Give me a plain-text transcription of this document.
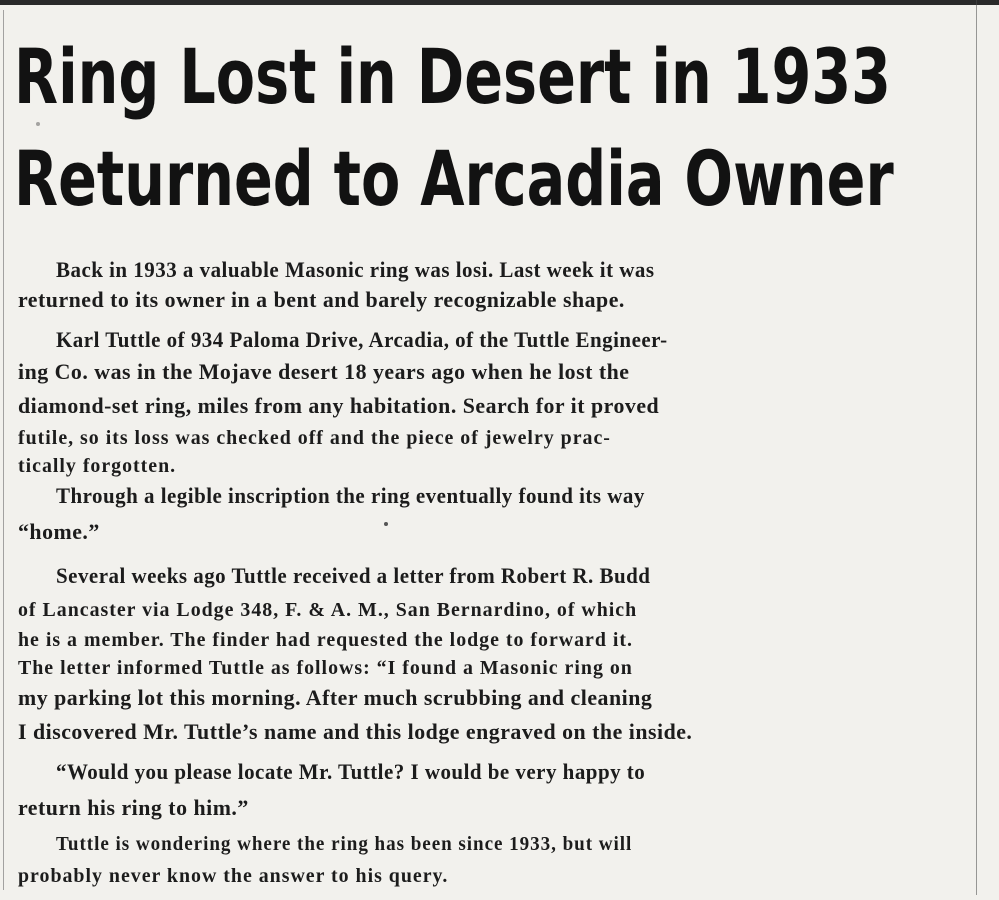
Ring Lost in Desert in 1933
Returned to Arcadia Owner

Back in 1933 a valuable Masonic ring was losi. Last week it was

returned to its owner in a bent and barely recognizable shape.

Karl Tuttle of 934 Paloma Drive, Arcadia, of the Tuttle Engineer-

ing Co. was in the Mojave desert 18 years ago when he lost the

diamond-set ring, miles from any habitation. Search for it proved

futile, so its loss was checked off and the piece of jewelry prac-

tically forgotten.

Through a legible inscription the ring eventually found its way

“home.”

Several weeks ago Tuttle received a letter from Robert R. Budd

of Lancaster via Lodge 348, F. & A. M., San Bernardino, of which

he is a member. The finder had requested the lodge to forward it.

The letter informed Tuttle as follows: “I found a Masonic ring on

my parking lot this morning. After much scrubbing and cleaning

I discovered Mr. Tuttle’s name and this lodge engraved on the inside.

“Would you please locate Mr. Tuttle? I would be very happy to

return his ring to him.”

Tuttle is wondering where the ring has been since 1933, but will

probably never know the answer to his query.
